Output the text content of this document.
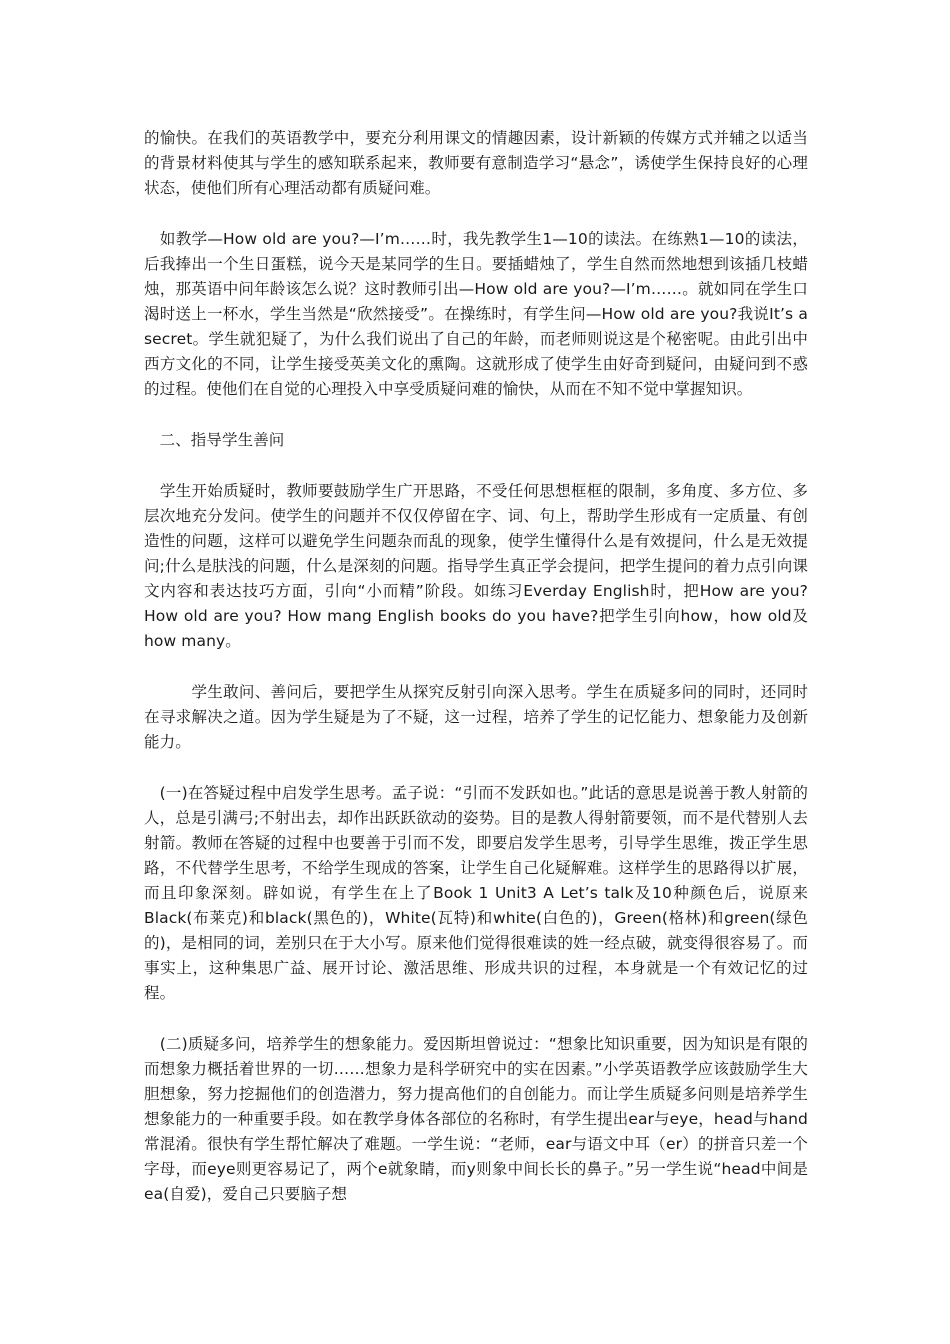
的愉快。在我们的英语教学中，要充分利用课文的情趣因素，设计新颖的传媒方式并辅之以适当的背景材料使其与学生的感知联系起来，教师要有意制造学习“悬念”，诱使学生保持良好的心理状态，使他们所有心理活动都有质疑问难。

　如教学—How old are you?—I’m……时，我先教学生1—10的读法。在练熟1—10的读法，后我捧出一个生日蛋糕，说今天是某同学的生日。要插蜡烛了，学生自然而然地想到该插几枝蜡烛，那英语中问年龄该怎么说？这时教师引出—How old are you?—I’m……。就如同在学生口渴时送上一杯水，学生当然是“欣然接受”。在操练时，有学生问—How old are you?我说It’s a secret。学生就犯疑了，为什么我们说出了自己的年龄，而老师则说这是个秘密呢。由此引出中西方文化的不同，让学生接受英美文化的熏陶。这就形成了使学生由好奇到疑问，由疑问到不惑的过程。使他们在自觉的心理投入中享受质疑问难的愉快，从而在不知不觉中掌握知识。

　二、指导学生善问

　学生开始质疑时，教师要鼓励学生广开思路，不受任何思想框框的限制，多角度、多方位、多层次地充分发问。使学生的问题并不仅仅停留在字、词、句上，帮助学生形成有一定质量、有创造性的问题，这样可以避免学生问题杂而乱的现象，使学生懂得什么是有效提问，什么是无效提问;什么是肤浅的问题，什么是深刻的问题。指导学生真正学会提问，把学生提问的着力点引向课文内容和表达技巧方面，引向“小而精”阶段。如练习Everday English时，把How are you? How old are you? How mang English books do you have?把学生引向how，how old及how many。

　　　学生敢问、善问后，要把学生从探究反射引向深入思考。学生在质疑多问的同时，还同时在寻求解决之道。因为学生疑是为了不疑，这一过程，培养了学生的记忆能力、想象能力及创新能力。

　(一)在答疑过程中启发学生思考。孟子说：“引而不发跃如也。”此话的意思是说善于教人射箭的人，总是引满弓;不射出去，却作出跃跃欲动的姿势。目的是教人得射箭要领，而不是代替别人去射箭。教师在答疑的过程中也要善于引而不发，即要启发学生思考，引导学生思维，拨正学生思路，不代替学生思考，不给学生现成的答案，让学生自己化疑解难。这样学生的思路得以扩展，而且印象深刻。辟如说，有学生在上了Book 1 Unit3 A Let’s talk及10种颜色后，说原来Black(布莱克)和black(黑色的)，White(瓦特)和white(白色的)，Green(格林)和green(绿色的)，是相同的词，差别只在于大小写。原来他们觉得很难读的姓一经点破，就变得很容易了。而事实上，这种集思广益、展开讨论、激活思维、形成共识的过程，本身就是一个有效记忆的过程。

　(二)质疑多问，培养学生的想象能力。爱因斯坦曾说过：“想象比知识重要，因为知识是有限的而想象力概括着世界的一切……想象力是科学研究中的实在因素。”小学英语教学应该鼓励学生大胆想象，努力挖掘他们的创造潜力，努力提高他们的自创能力。而让学生质疑多问则是培养学生想象能力的一种重要手段。如在教学身体各部位的名称时，有学生提出ear与eye，head与hand常混淆。很快有学生帮忙解决了难题。一学生说：“老师，ear与语文中耳（er）的拼音只差一个字母，而eye则更容易记了，两个e就象睛，而y则象中间长长的鼻子。”另一学生说“head中间是ea(自爱)，爱自己只要脑子想
